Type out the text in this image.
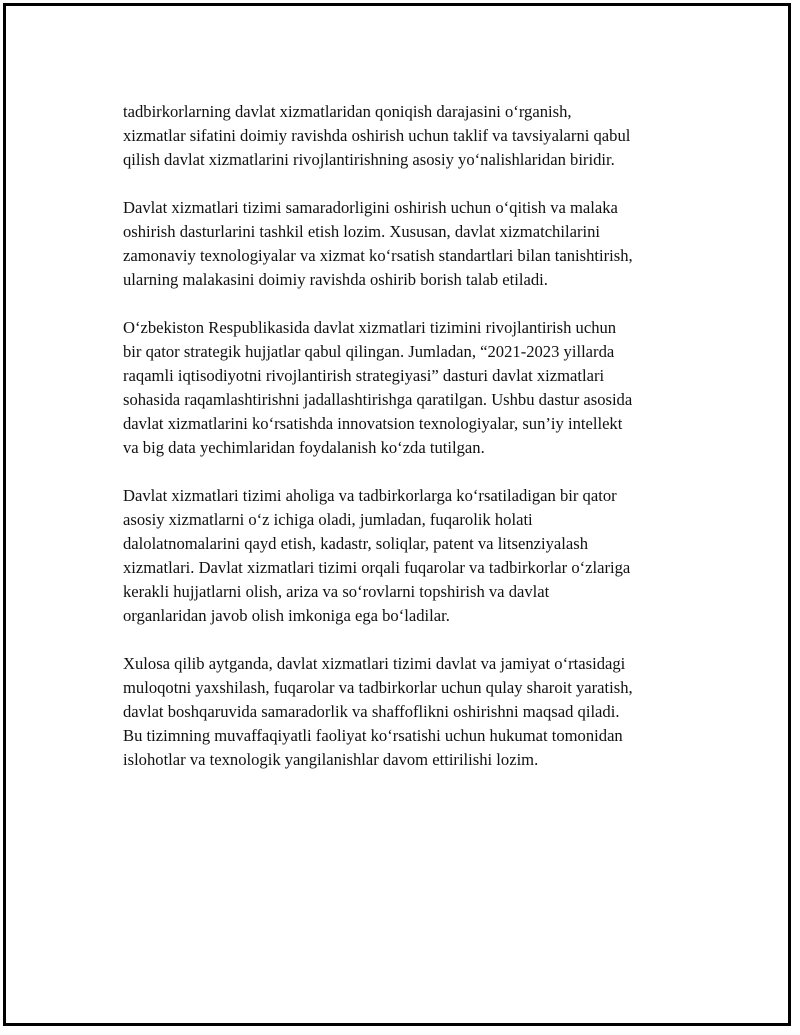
tadbirkorlarning davlat xizmatlaridan qoniqish darajasini o‘rganish,
xizmatlar sifatini doimiy ravishda oshirish uchun taklif va tavsiyalarni qabul
qilish davlat xizmatlarini rivojlantirishning asosiy yo‘nalishlaridan biridir.

Davlat xizmatlari tizimi samaradorligini oshirish uchun o‘qitish va malaka
oshirish dasturlarini tashkil etish lozim. Xususan, davlat xizmatchilarini
zamonaviy texnologiyalar va xizmat ko‘rsatish standartlari bilan tanishtirish,
ularning malakasini doimiy ravishda oshirib borish talab etiladi.

O‘zbekiston Respublikasida davlat xizmatlari tizimini rivojlantirish uchun
bir qator strategik hujjatlar qabul qilingan. Jumladan, “2021-2023 yillarda
raqamli iqtisodiyotni rivojlantirish strategiyasi” dasturi davlat xizmatlari
sohasida raqamlashtirishni jadallashtirishga qaratilgan. Ushbu dastur asosida
davlat xizmatlarini ko‘rsatishda innovatsion texnologiyalar, sun’iy intellekt
va big data yechimlaridan foydalanish ko‘zda tutilgan.

Davlat xizmatlari tizimi aholiga va tadbirkorlarga ko‘rsatiladigan bir qator
asosiy xizmatlarni o‘z ichiga oladi, jumladan, fuqarolik holati
dalolatnomalarini qayd etish, kadastr, soliqlar, patent va litsenziyalash
xizmatlari. Davlat xizmatlari tizimi orqali fuqarolar va tadbirkorlar o‘zlariga
kerakli hujjatlarni olish, ariza va so‘rovlarni topshirish va davlat
organlaridan javob olish imkoniga ega bo‘ladilar.

Xulosa qilib aytganda, davlat xizmatlari tizimi davlat va jamiyat o‘rtasidagi
muloqotni yaxshilash, fuqarolar va tadbirkorlar uchun qulay sharoit yaratish,
davlat boshqaruvida samaradorlik va shaffoflikni oshirishni maqsad qiladi.
Bu tizimning muvaffaqiyatli faoliyat ko‘rsatishi uchun hukumat tomonidan
islohotlar va texnologik yangilanishlar davom ettirilishi lozim.
